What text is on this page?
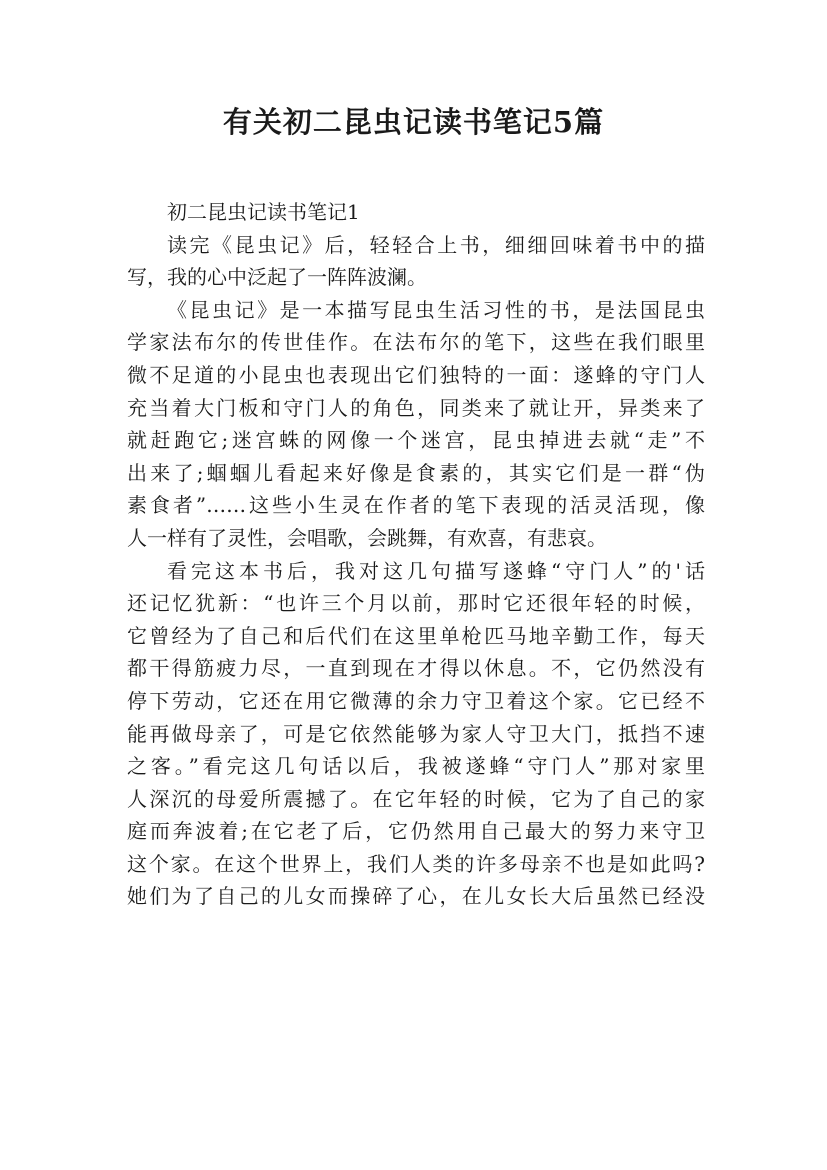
有关初二昆虫记读书笔记5篇
初二昆虫记读书笔记1
读完《昆虫记》后，轻轻合上书，细细回味着书中的描
写，我的心中泛起了一阵阵波澜。
《昆虫记》是一本描写昆虫生活习性的书，是法国昆虫
学家法布尔的传世佳作。在法布尔的笔下，这些在我们眼里
微不足道的小昆虫也表现出它们独特的一面：遂蜂的守门人
充当着大门板和守门人的角色，同类来了就让开，异类来了
就赶跑它;迷宫蛛的网像一个迷宫，昆虫掉进去就“走”不
出来了;蝈蝈儿看起来好像是食素的，其实它们是一群“伪
素食者”……这些小生灵在作者的笔下表现的活灵活现，像
人一样有了灵性，会唱歌，会跳舞，有欢喜，有悲哀。
看完这本书后，我对这几句描写遂蜂“守门人”的'话
还记忆犹新：“也许三个月以前，那时它还很年轻的时候，
它曾经为了自己和后代们在这里单枪匹马地辛勤工作，每天
都干得筋疲力尽，一直到现在才得以休息。不，它仍然没有
停下劳动，它还在用它微薄的余力守卫着这个家。它已经不
能再做母亲了，可是它依然能够为家人守卫大门，抵挡不速
之客。”看完这几句话以后，我被遂蜂“守门人”那对家里
人深沉的母爱所震撼了。在它年轻的时候，它为了自己的家
庭而奔波着;在它老了后，它仍然用自己最大的努力来守卫
这个家。在这个世界上，我们人类的许多母亲不也是如此吗?
她们为了自己的儿女而操碎了心，在儿女长大后虽然已经没
